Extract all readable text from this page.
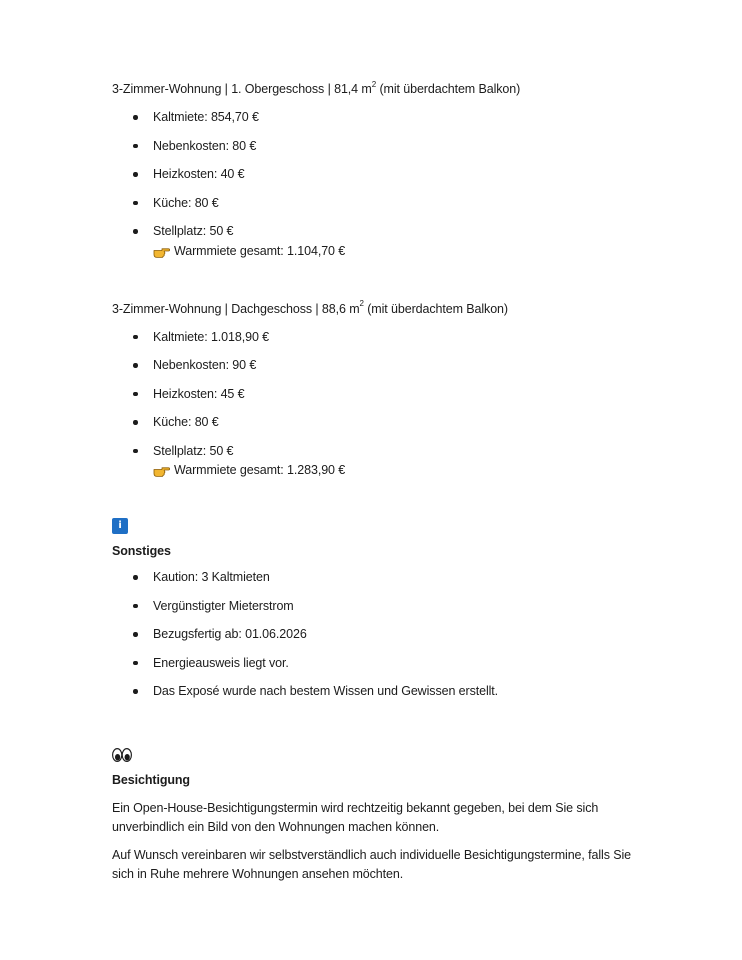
3-Zimmer-Wohnung | 1. Obergeschoss | 81,4 $m^2$ (mit überdachtem Balkon)

Kaltmiete: 854,70 €
Nebenkosten: 80 €
Heizkosten: 40 €
Küche: 80 €
Stellplatz: 50 €
Warmmiete gesamt: 1.104,70 €

3-Zimmer-Wohnung | Dachgeschoss | 88,6 $m^2$ (mit überdachtem Balkon)

Kaltmiete: 1.018,90 €
Nebenkosten: 90 €
Heizkosten: 45 €
Küche: 80 €
Stellplatz: 50 €
Warmmiete gesamt: 1.283,90 €
i
Sonstiges
Kaution: 3 Kaltmieten
Vergünstigter Mieterstrom
Bezugsfertig ab: 01.06.2026
Energieausweis liegt vor.
Das Exposé wurde nach bestem Wissen und Gewissen erstellt.
Besichtigung

Ein Open-House-Besichtigungstermin wird rechtzeitig bekannt gegeben, bei dem Sie sich unverbindlich ein Bild von den Wohnungen machen können.

Auf Wunsch vereinbaren wir selbstverständlich auch individuelle Besichtigungstermine, falls Sie sich in Ruhe mehrere Wohnungen ansehen möchten.
